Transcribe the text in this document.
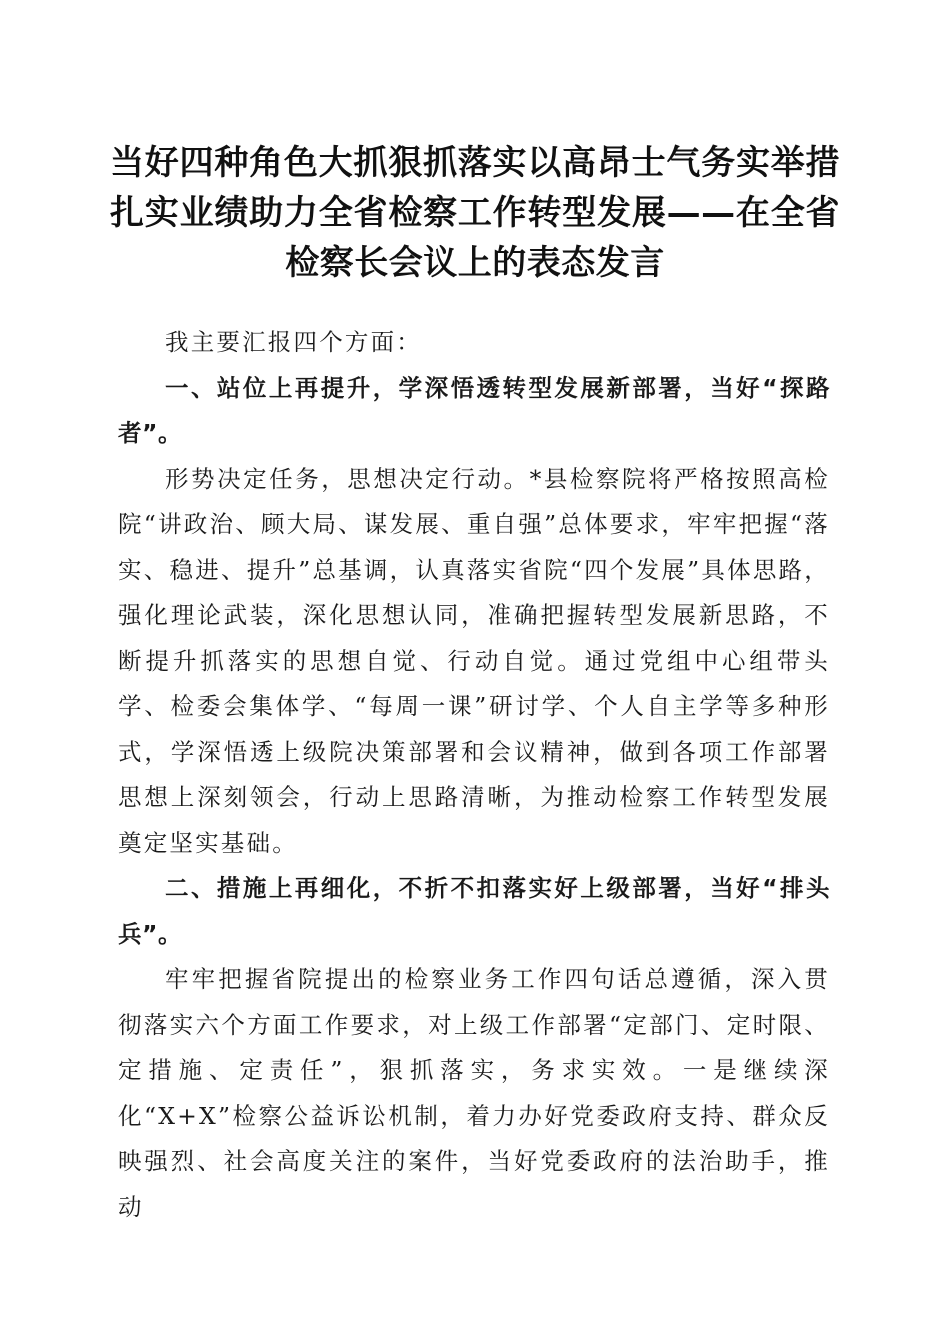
当好四种角色大抓狠抓落实以高昂士气务实举措扎实业绩助力全省检察工作转型发展——在全省检察长会议上的表态发言

我主要汇报四个方面：

一、站位上再提升，学深悟透转型发展新部署，当好“探路者”。

形势决定任务，思想决定行动。*县检察院将严格按照高检院“讲政治、顾大局、谋发展、重自强”总体要求，牢牢把握“落实、稳进、提升”总基调，认真落实省院“四个发展”具体思路，强化理论武装，深化思想认同，准确把握转型发展新思路，不断提升抓落实的思想自觉、行动自觉。通过党组中心组带头学、检委会集体学、“每周一课”研讨学、个人自主学等多种形式，学深悟透上级院决策部署和会议精神，做到各项工作部署思想上深刻领会，行动上思路清晰，为推动检察工作转型发展奠定坚实基础。

二、措施上再细化，不折不扣落实好上级部署，当好“排头兵”。

牢牢把握省院提出的检察业务工作四句话总遵循，深入贯彻落实六个方面工作要求，对上级工作部署“定部门、定时限、定措施、定责任”，狠抓落实，务求实效。一是继续深化“X+X”检察公益诉讼机制，着力办好党委政府支持、群众反映强烈、社会高度关注的案件，当好党委政府的法治助手，推动
